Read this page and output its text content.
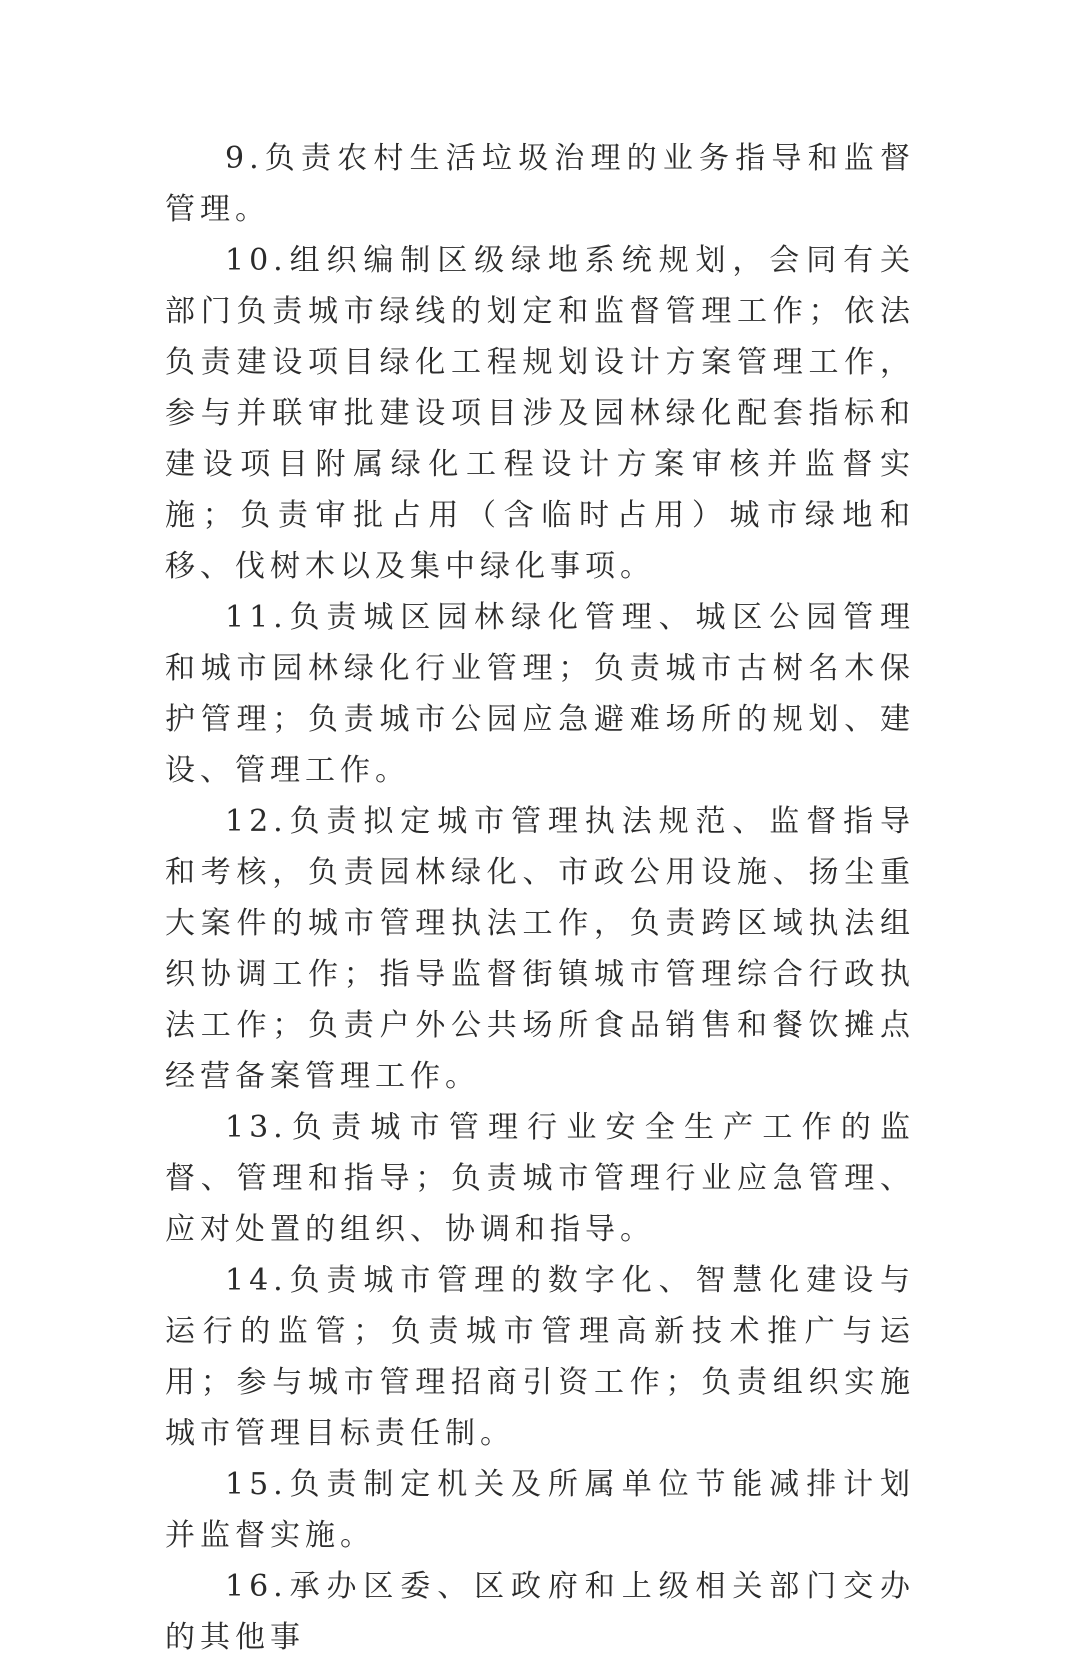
9.负责农村生活垃圾治理的业务指导和监督管理。

10.组织编制区级绿地系统规划，会同有关部门负责城市绿线的划定和监督管理工作；依法负责建设项目绿化工程规划设计方案管理工作，参与并联审批建设项目涉及园林绿化配套指标和建设项目附属绿化工程设计方案审核并监督实施；负责审批占用（含临时占用）城市绿地和移、伐树木以及集中绿化事项。

11.负责城区园林绿化管理、城区公园管理和城市园林绿化行业管理；负责城市古树名木保护管理；负责城市公园应急避难场所的规划、建设、管理工作。

12.负责拟定城市管理执法规范、监督指导和考核，负责园林绿化、市政公用设施、扬尘重大案件的城市管理执法工作，负责跨区域执法组织协调工作；指导监督街镇城市管理综合行政执法工作；负责户外公共场所食品销售和餐饮摊点经营备案管理工作。

13.负责城市管理行业安全生产工作的监督、管理和指导；负责城市管理行业应急管理、应对处置的组织、协调和指导。

14.负责城市管理的数字化、智慧化建设与运行的监管；负责城市管理高新技术推广与运用；参与城市管理招商引资工作；负责组织实施城市管理目标责任制。

15.负责制定机关及所属单位节能减排计划并监督实施。

16.承办区委、区政府和上级相关部门交办的其他事
